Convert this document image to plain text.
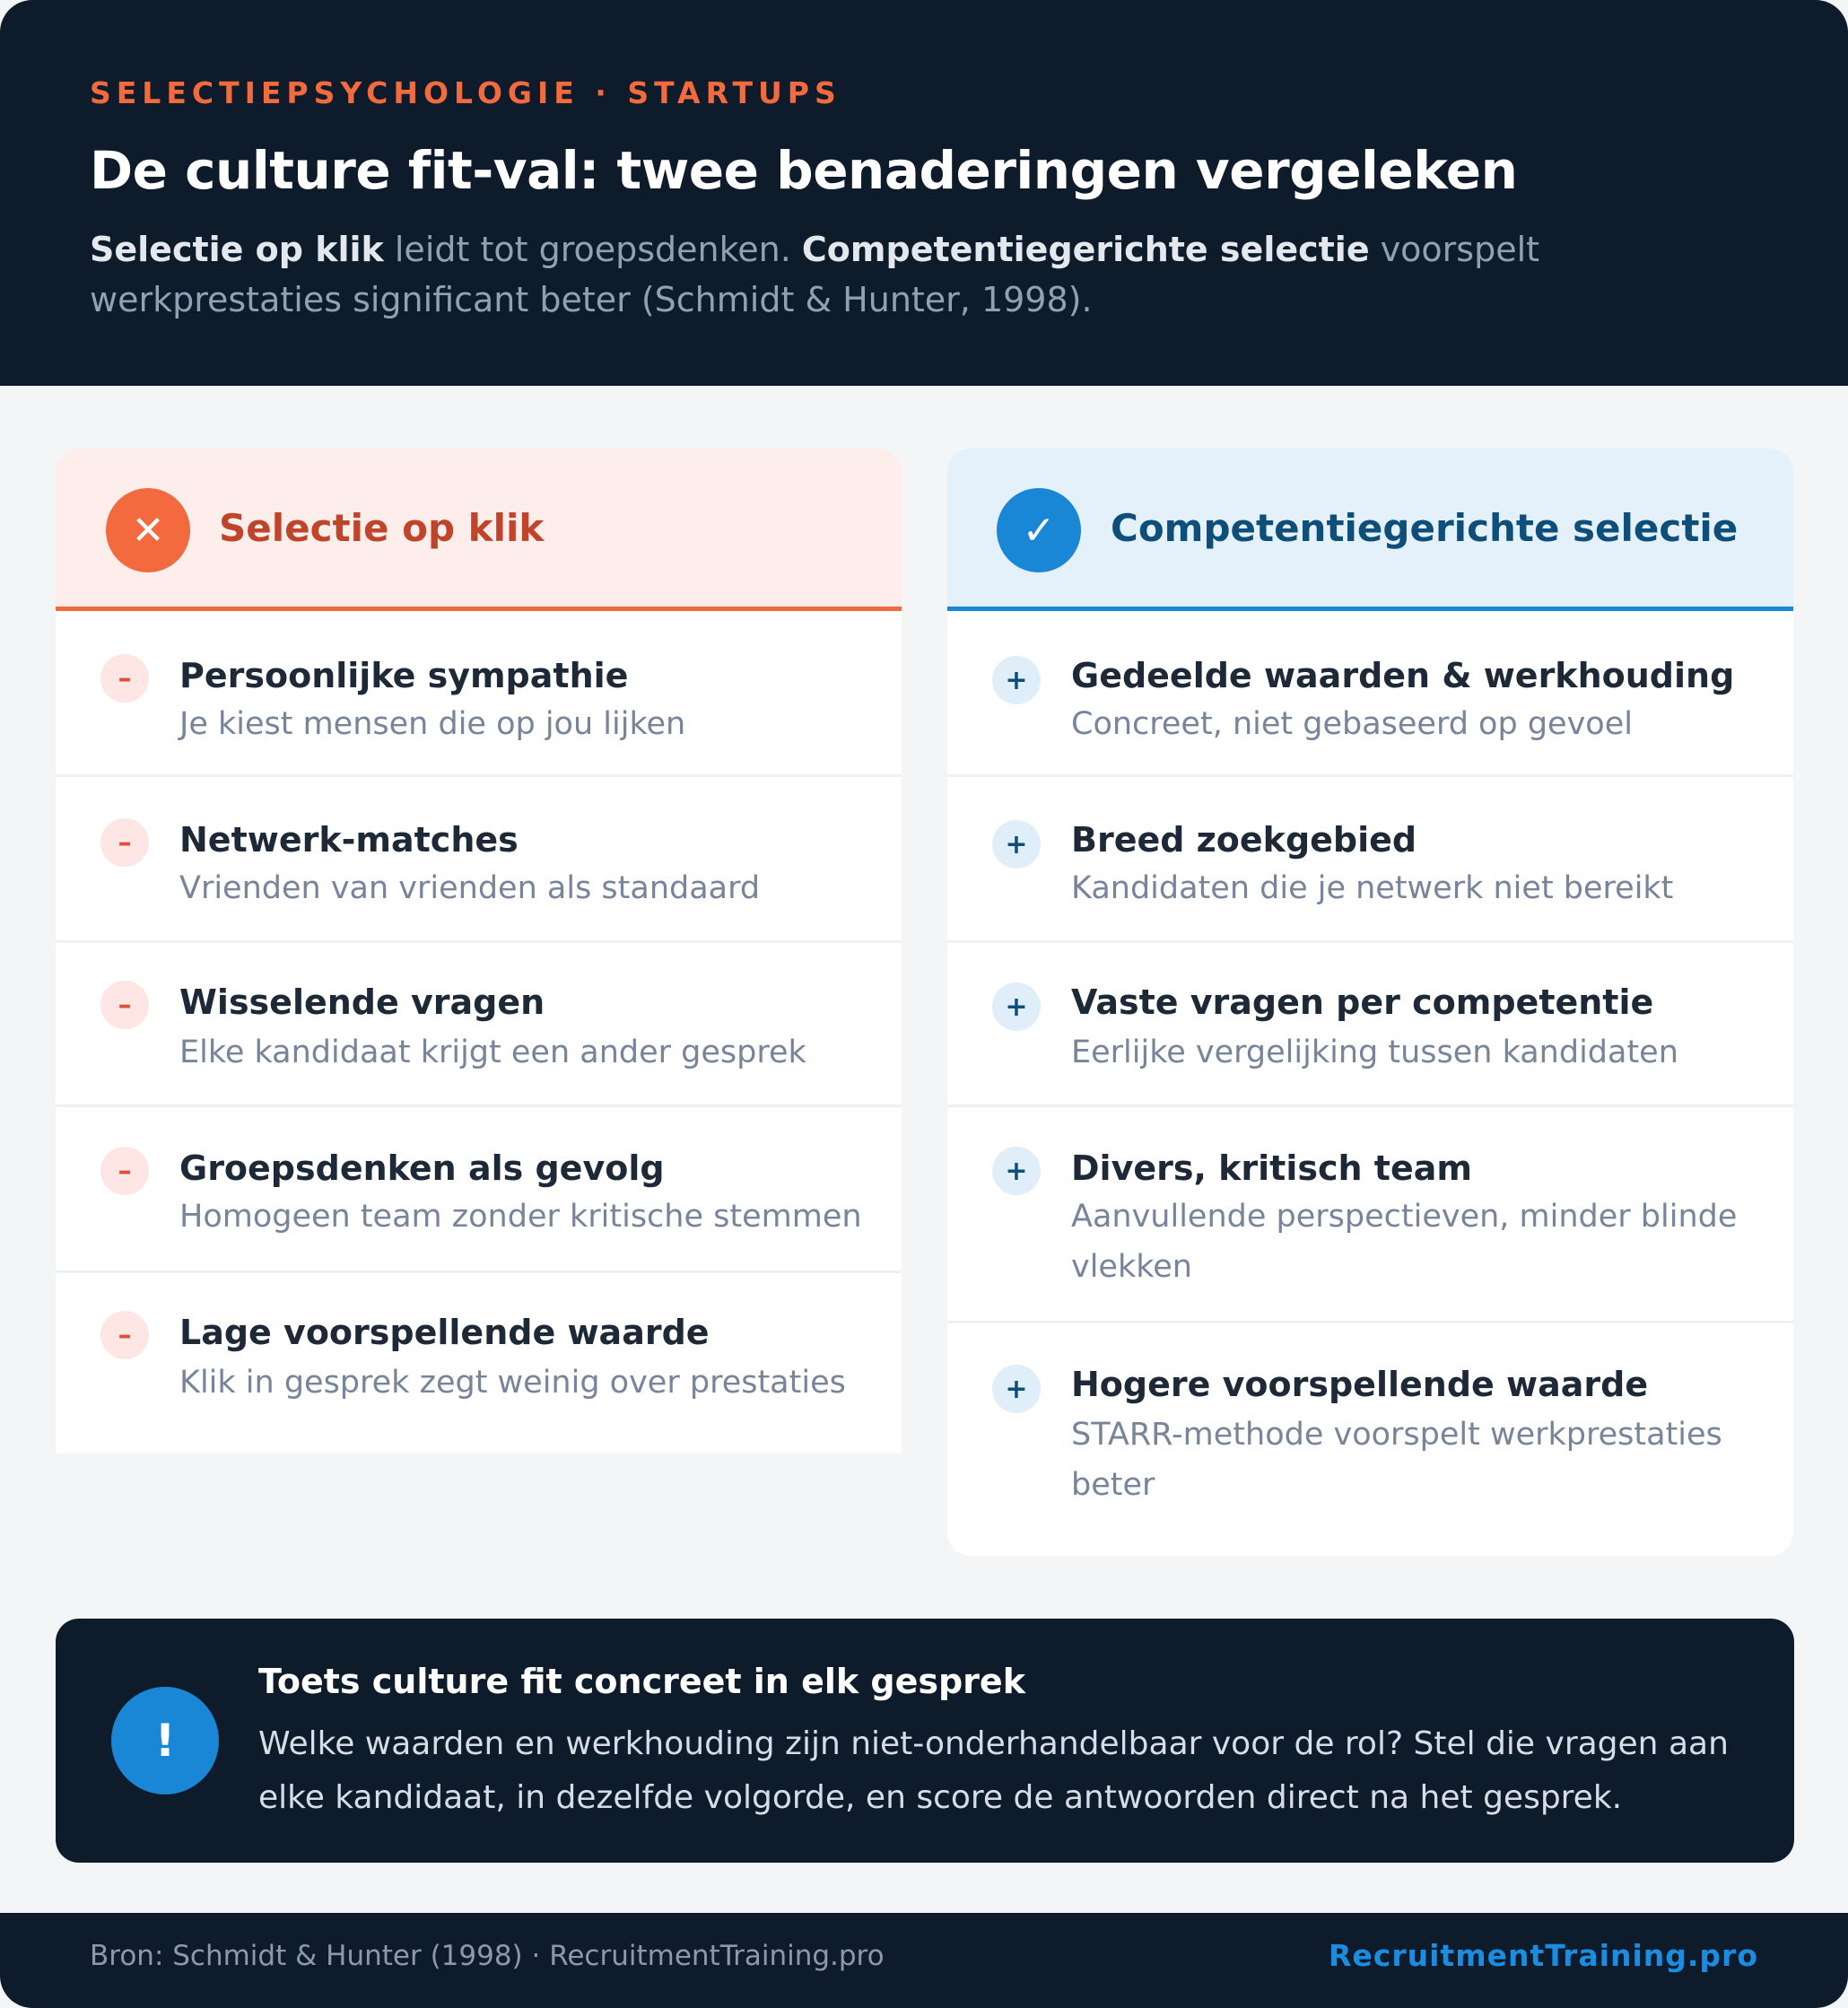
SELECTIEPSYCHOLOGIE · STARTUPS
De culture fit-val: twee benaderingen vergeleken
Selectie op klik leidt tot groepsdenken. Competentiegerichte selectie voorspelt werkprestaties significant beter (Schmidt & Hunter, 1998).
✕	Selectie op klik
–	Persoonlijke sympathie
Je kiest mensen die op jou lijken
–	Netwerk-matches
Vrienden van vrienden als standaard
–	Wisselende vragen
Elke kandidaat krijgt een ander gesprek
–	Groepsdenken als gevolg
Homogeen team zonder kritische stemmen
–	Lage voorspellende waarde
Klik in gesprek zegt weinig over prestaties
✓	Competentiegerichte selectie
+	Gedeelde waarden & werkhouding
Concreet, niet gebaseerd op gevoel
+	Breed zoekgebied
Kandidaten die je netwerk niet bereikt
+	Vaste vragen per competentie
Eerlijke vergelijking tussen kandidaten
+	Divers, kritisch team
Aanvullende perspectieven, minder blinde vlekken
+	Hogere voorspellende waarde
STARR-methode voorspelt werkprestaties beter
!
Toets culture fit concreet in elk gesprek
Welke waarden en werkhouding zijn niet-onderhandelbaar voor de rol? Stel die vragen aan elke kandidaat, in dezelfde volgorde, en score de antwoorden direct na het gesprek.
Bron: Schmidt & Hunter (1998) · RecruitmentTraining.pro	RecruitmentTraining.pro
